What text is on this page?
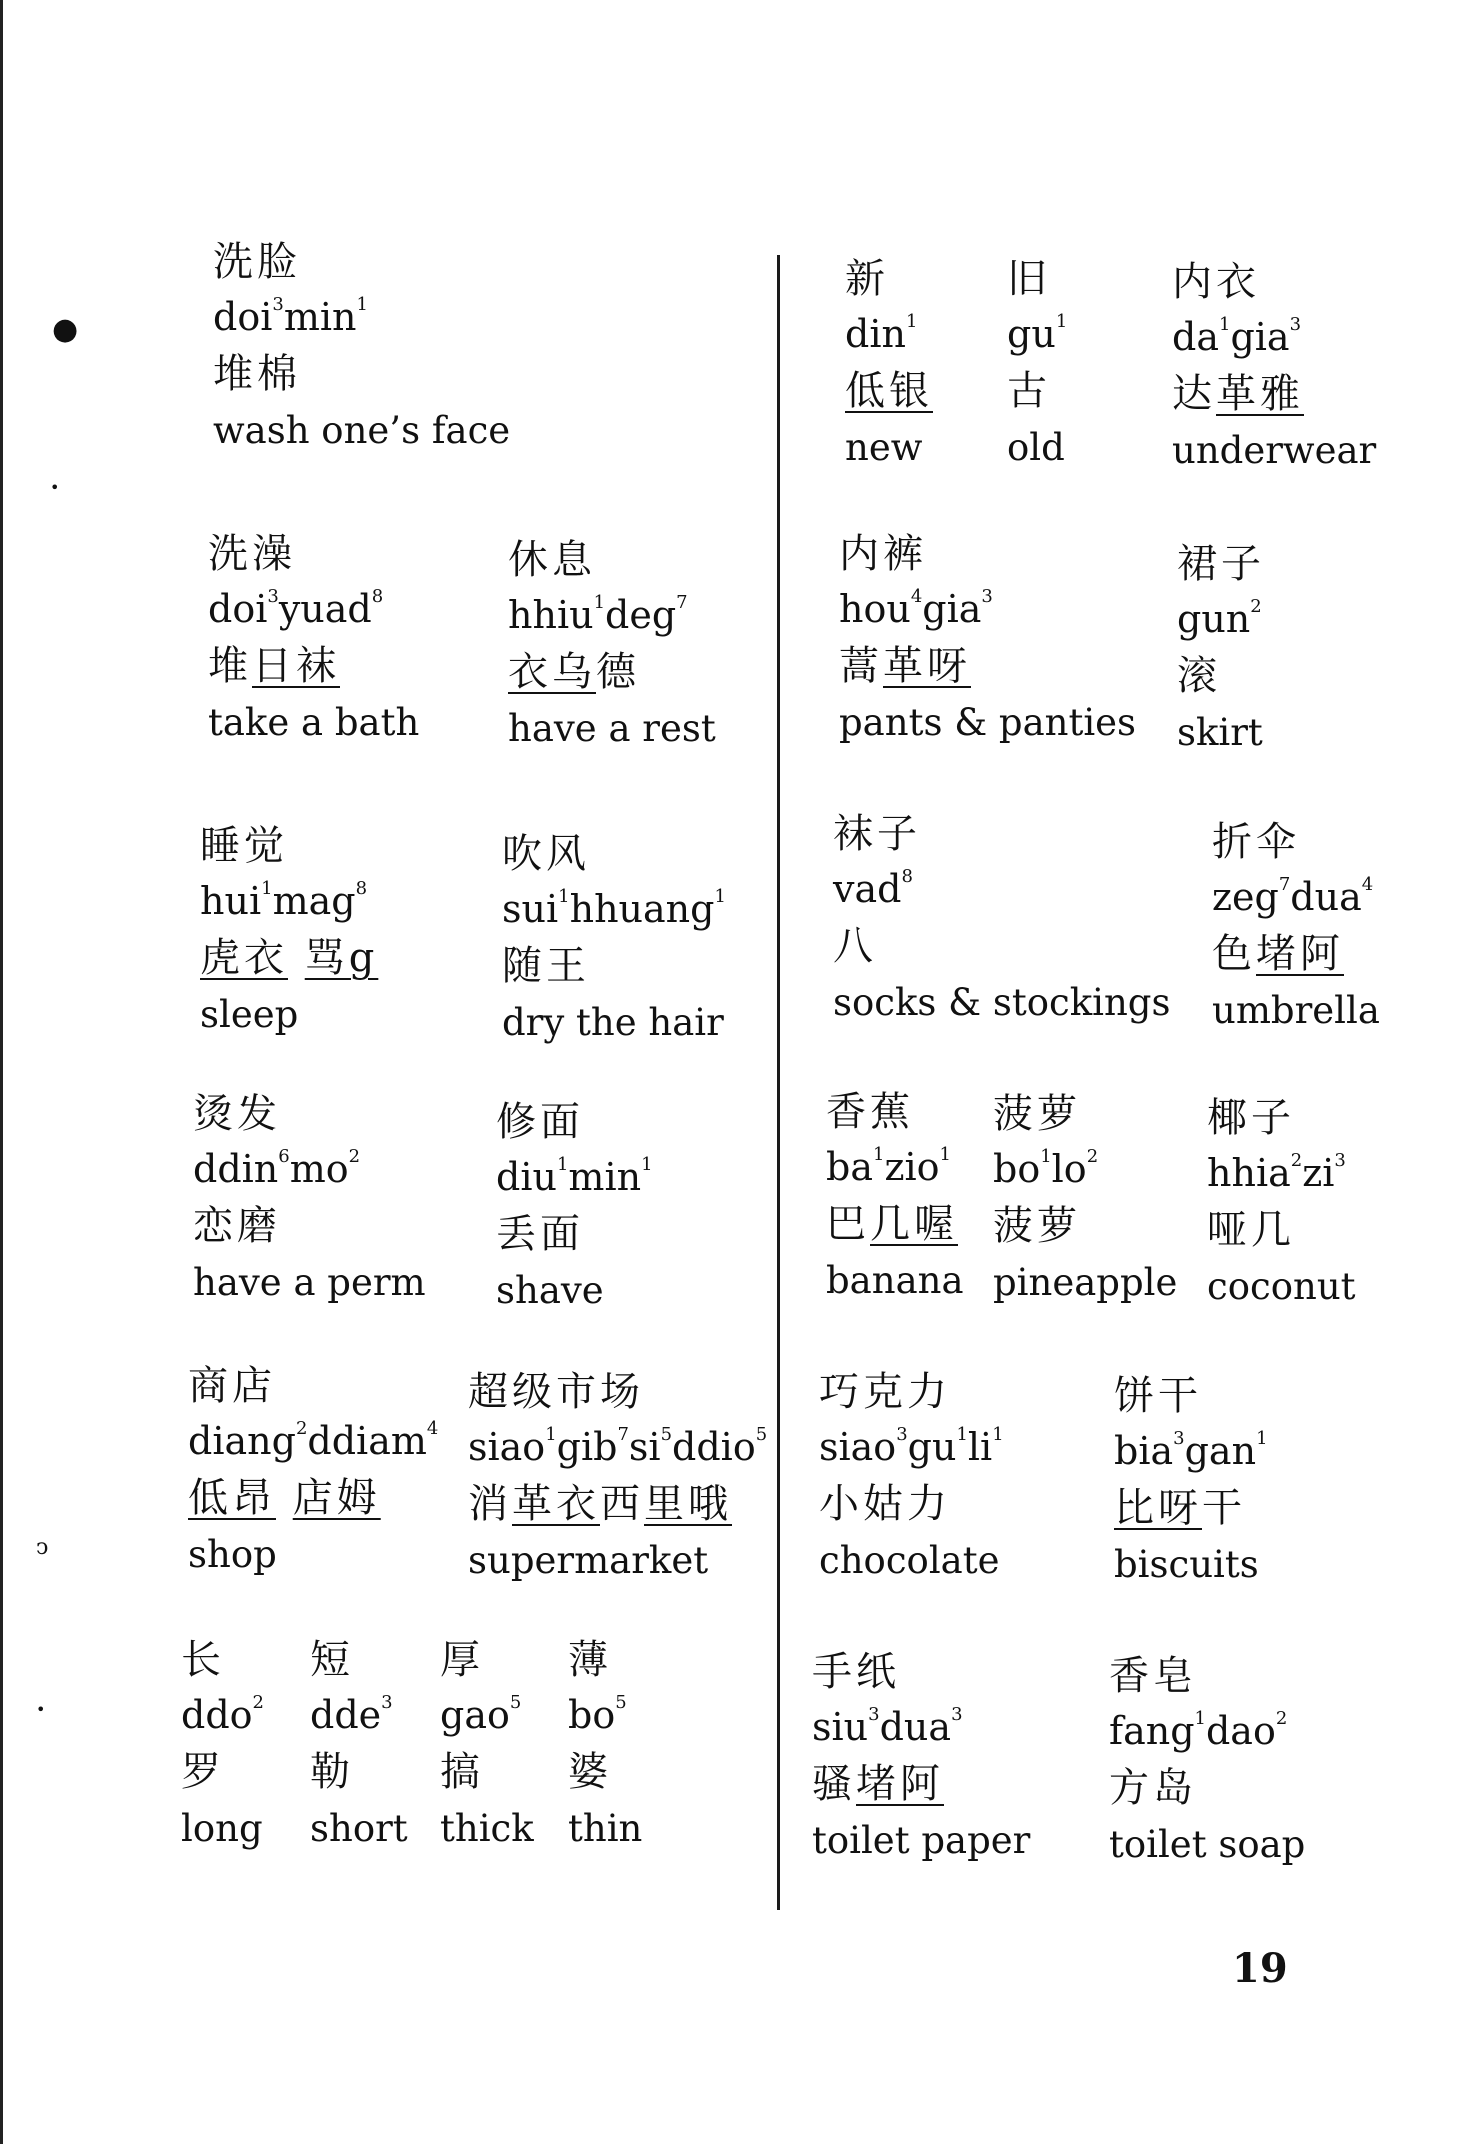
●
•
ↄ
•
洗脸
$doi^3\min^1$
堆棉
wash one’s face
洗澡
doi$^3$yuad$^8$
堆日袜
take a bath
休息
hhiu$^1$deg$^7$
衣乌德
have a rest
睡觉
hui$^1$mag$^8$
虎衣 骂g
sleep
吹风
sui$^1$hhuang$^1$
随王
dry the hair
烫发
$ddin^6mo^2$
恋磨
have a perm
修面
$diu^1\min^1$
丢面
shave
商店
diang$^2$ddiam$^4$
低昂 店姆
shop
超级市场
$siao^1gib^7si^5ddio^5$
消革衣西里哦
supermarket
长
ddo$^2$
罗
long
短
dde$^3$
勒
short
厚
gao$^5$
搞
thick
薄
$bo^5$
婆
thin
新
din$^1$
低银
new
旧
$gu^1$
古
old
内衣
$da^1gia^3$
达革雅
underwear
内裤
hou$^4$gia$^3$
蒿革呀
pants & panties
裙子
gun$^2$
滚
skirt
袜子
vad$^8$
八
socks & stockings
折伞
zeg$^7$dua$^4$
色堵阿
umbrella
香蕉
$ba^1zio^1$
巴几喔
banana
菠萝
$bo^1lo^2$
菠萝
pineapple
椰子
$hhia^2zi^3$
哑几
coconut
巧克力
$siao^3gu^1li^1$
小姑力
chocolate
饼干
bia$^3$gan$^1$
比呀干
biscuits
手纸
siu$^3$dua$^3$
骚堵阿
toilet paper
香皂
fang$^1$dao$^2$
方岛
toilet soap
19
